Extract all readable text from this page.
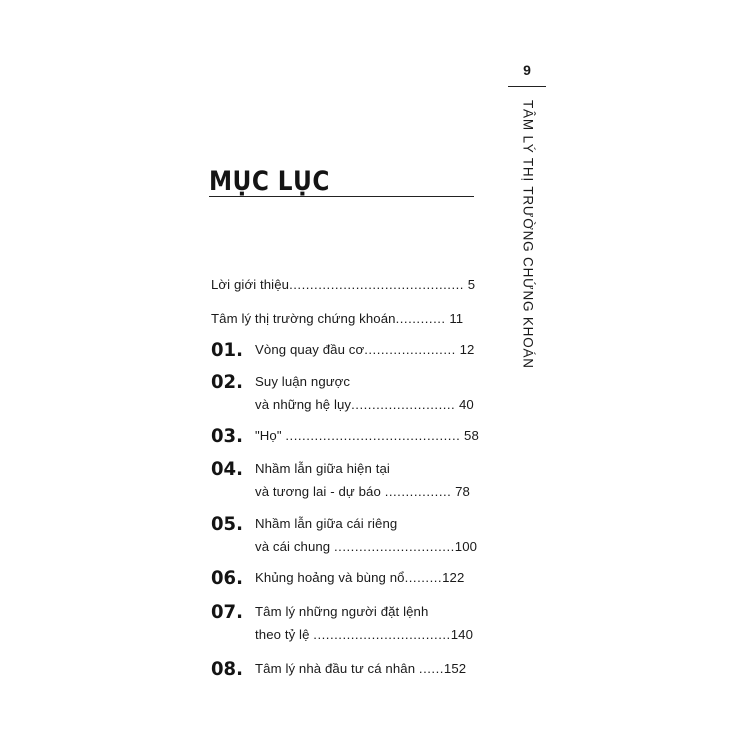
9
TÂM LÝ THỊ TRƯỜNG CHỨNG KHOÁN
MỤC LỤC
Lời giới thiệu.......................................... 5
Tâm lý thị trường chứng khoán............ 11
01. Vòng quay đầu cơ...................... 12
02. Suy luận ngược
và những hệ lụy......................... 40
03. "Họ" .......................................... 58
04. Nhầm lẫn giữa hiện tại
và tương lai - dự báo ................ 78
05. Nhầm lẫn giữa cái riêng
và cái chung .............................100
06. Khủng hoảng và bùng nổ.........122
07. Tâm lý những người đặt lệnh
theo tỷ lệ .................................140
08. Tâm lý nhà đầu tư cá nhân ......152
